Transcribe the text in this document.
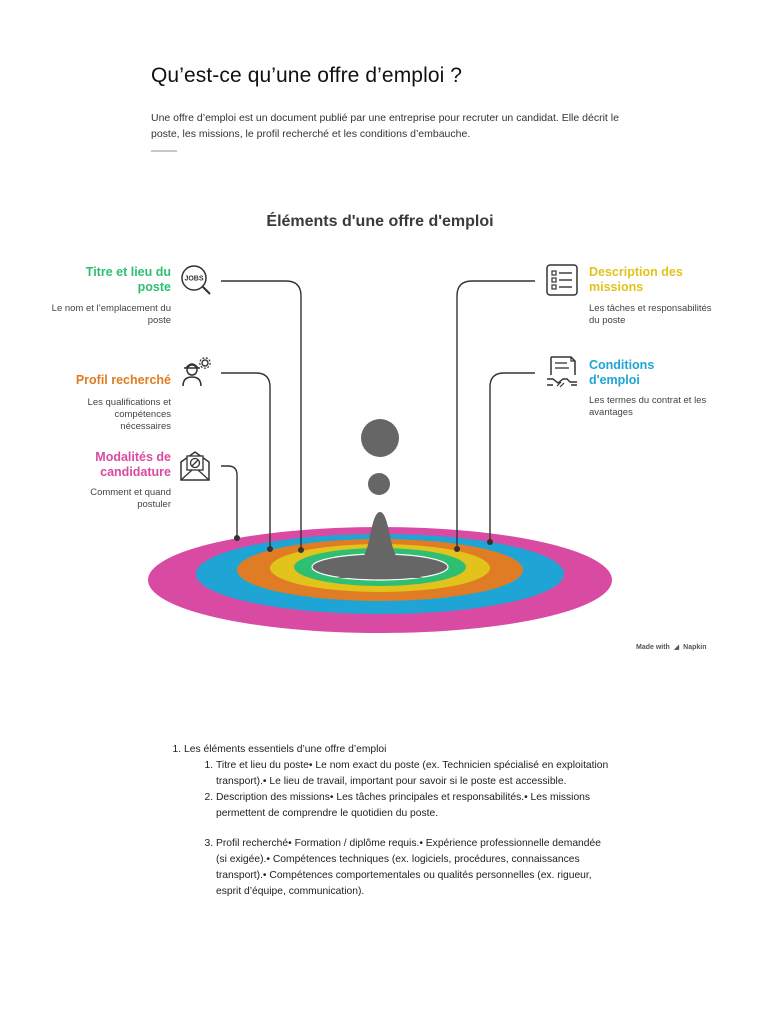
Qu’est-ce qu’une offre d’emploi ?
Une offre d’emploi est un document publié par une entreprise pour recruter un candidat. Elle décrit le poste, les missions, le profil recherché et les conditions d’embauche.
Éléments d'une offre d'emploi
JOBS
Titre et lieu du poste
Le nom et l’emplacement du poste
Profil recherché
Les qualifications et compétences nécessaires
Modalités de candidature
Comment et quand postuler
Description des missions
Les tâches et responsabilités du poste
Conditions d'emploi
Les termes du contrat et les avantages
Made with ◢ Napkin
1. Les éléments essentiels d’une offre d’emploi
1. Titre et lieu du poste• Le nom exact du poste (ex. Technicien spécialisé en exploitation transport).• Le lieu de travail, important pour savoir si le poste est accessible.
2. Description des missions• Les tâches principales et responsabilités.• Les missions permettent de comprendre le quotidien du poste.
3. Profil recherché• Formation / diplôme requis.• Expérience professionnelle demandée (si exigée).• Compétences techniques (ex. logiciels, procédures, connaissances transport).• Compétences comportementales ou qualités personnelles (ex. rigueur, esprit d’équipe, communication).
